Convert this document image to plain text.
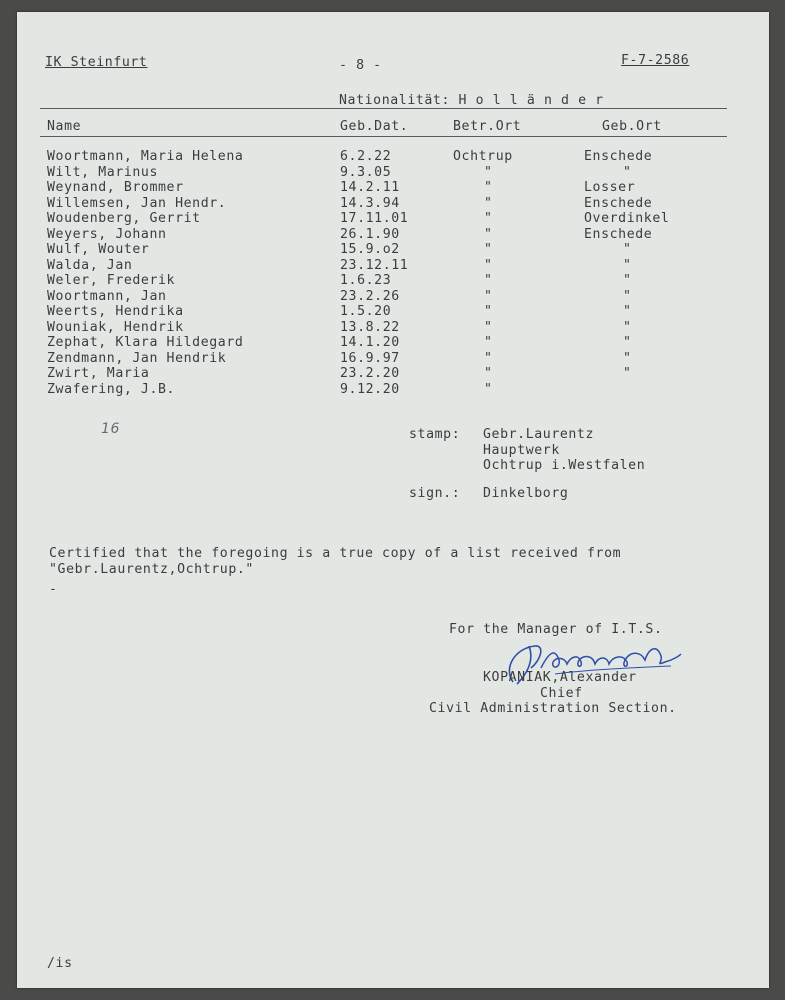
IK Steinfurt	- 8 -	F-7-2586
Nationalität: H o l l ä n d e r
Name	Geb.Dat.	Betr.Ort	Geb.Ort
Woortmann, Maria Helena	6.2.22	Ochtrup	Enschede
Wilt, Marinus	9.3.05	"	"
Weynand, Brommer	14.2.11	"	Losser
Willemsen, Jan Hendr.	14.3.94	"	Enschede
Woudenberg, Gerrit	17.11.01	"	Overdinkel
Weyers, Johann	26.1.90	"	Enschede
Wulf, Wouter	15.9.o2	"	"
Walda, Jan	23.12.11	"	"
Weler, Frederik	1.6.23	"	"
Woortmann, Jan	23.2.26	"	"
Weerts, Hendrika	1.5.20	"	"
Wouniak, Hendrik	13.8.22	"	"
Zephat, Klara Hildegard	14.1.20	"	"
Zendmann, Jan Hendrik	16.9.97	"	"
Zwirt, Maria	23.2.20	"	"
Zwafering, J.B.	9.12.20	"
16	stamp: Gebr.Laurentz
Hauptwerk
Ochtrup i.Westfalen
sign.: Dinkelborg
Certified that the foregoing is a true copy of a list received from
"Gebr.Laurentz,Ochtrup."
-
For the Manager of I.T.S.
KOPANIAK,Alexander
Chief
Civil Administration Section.
/is
